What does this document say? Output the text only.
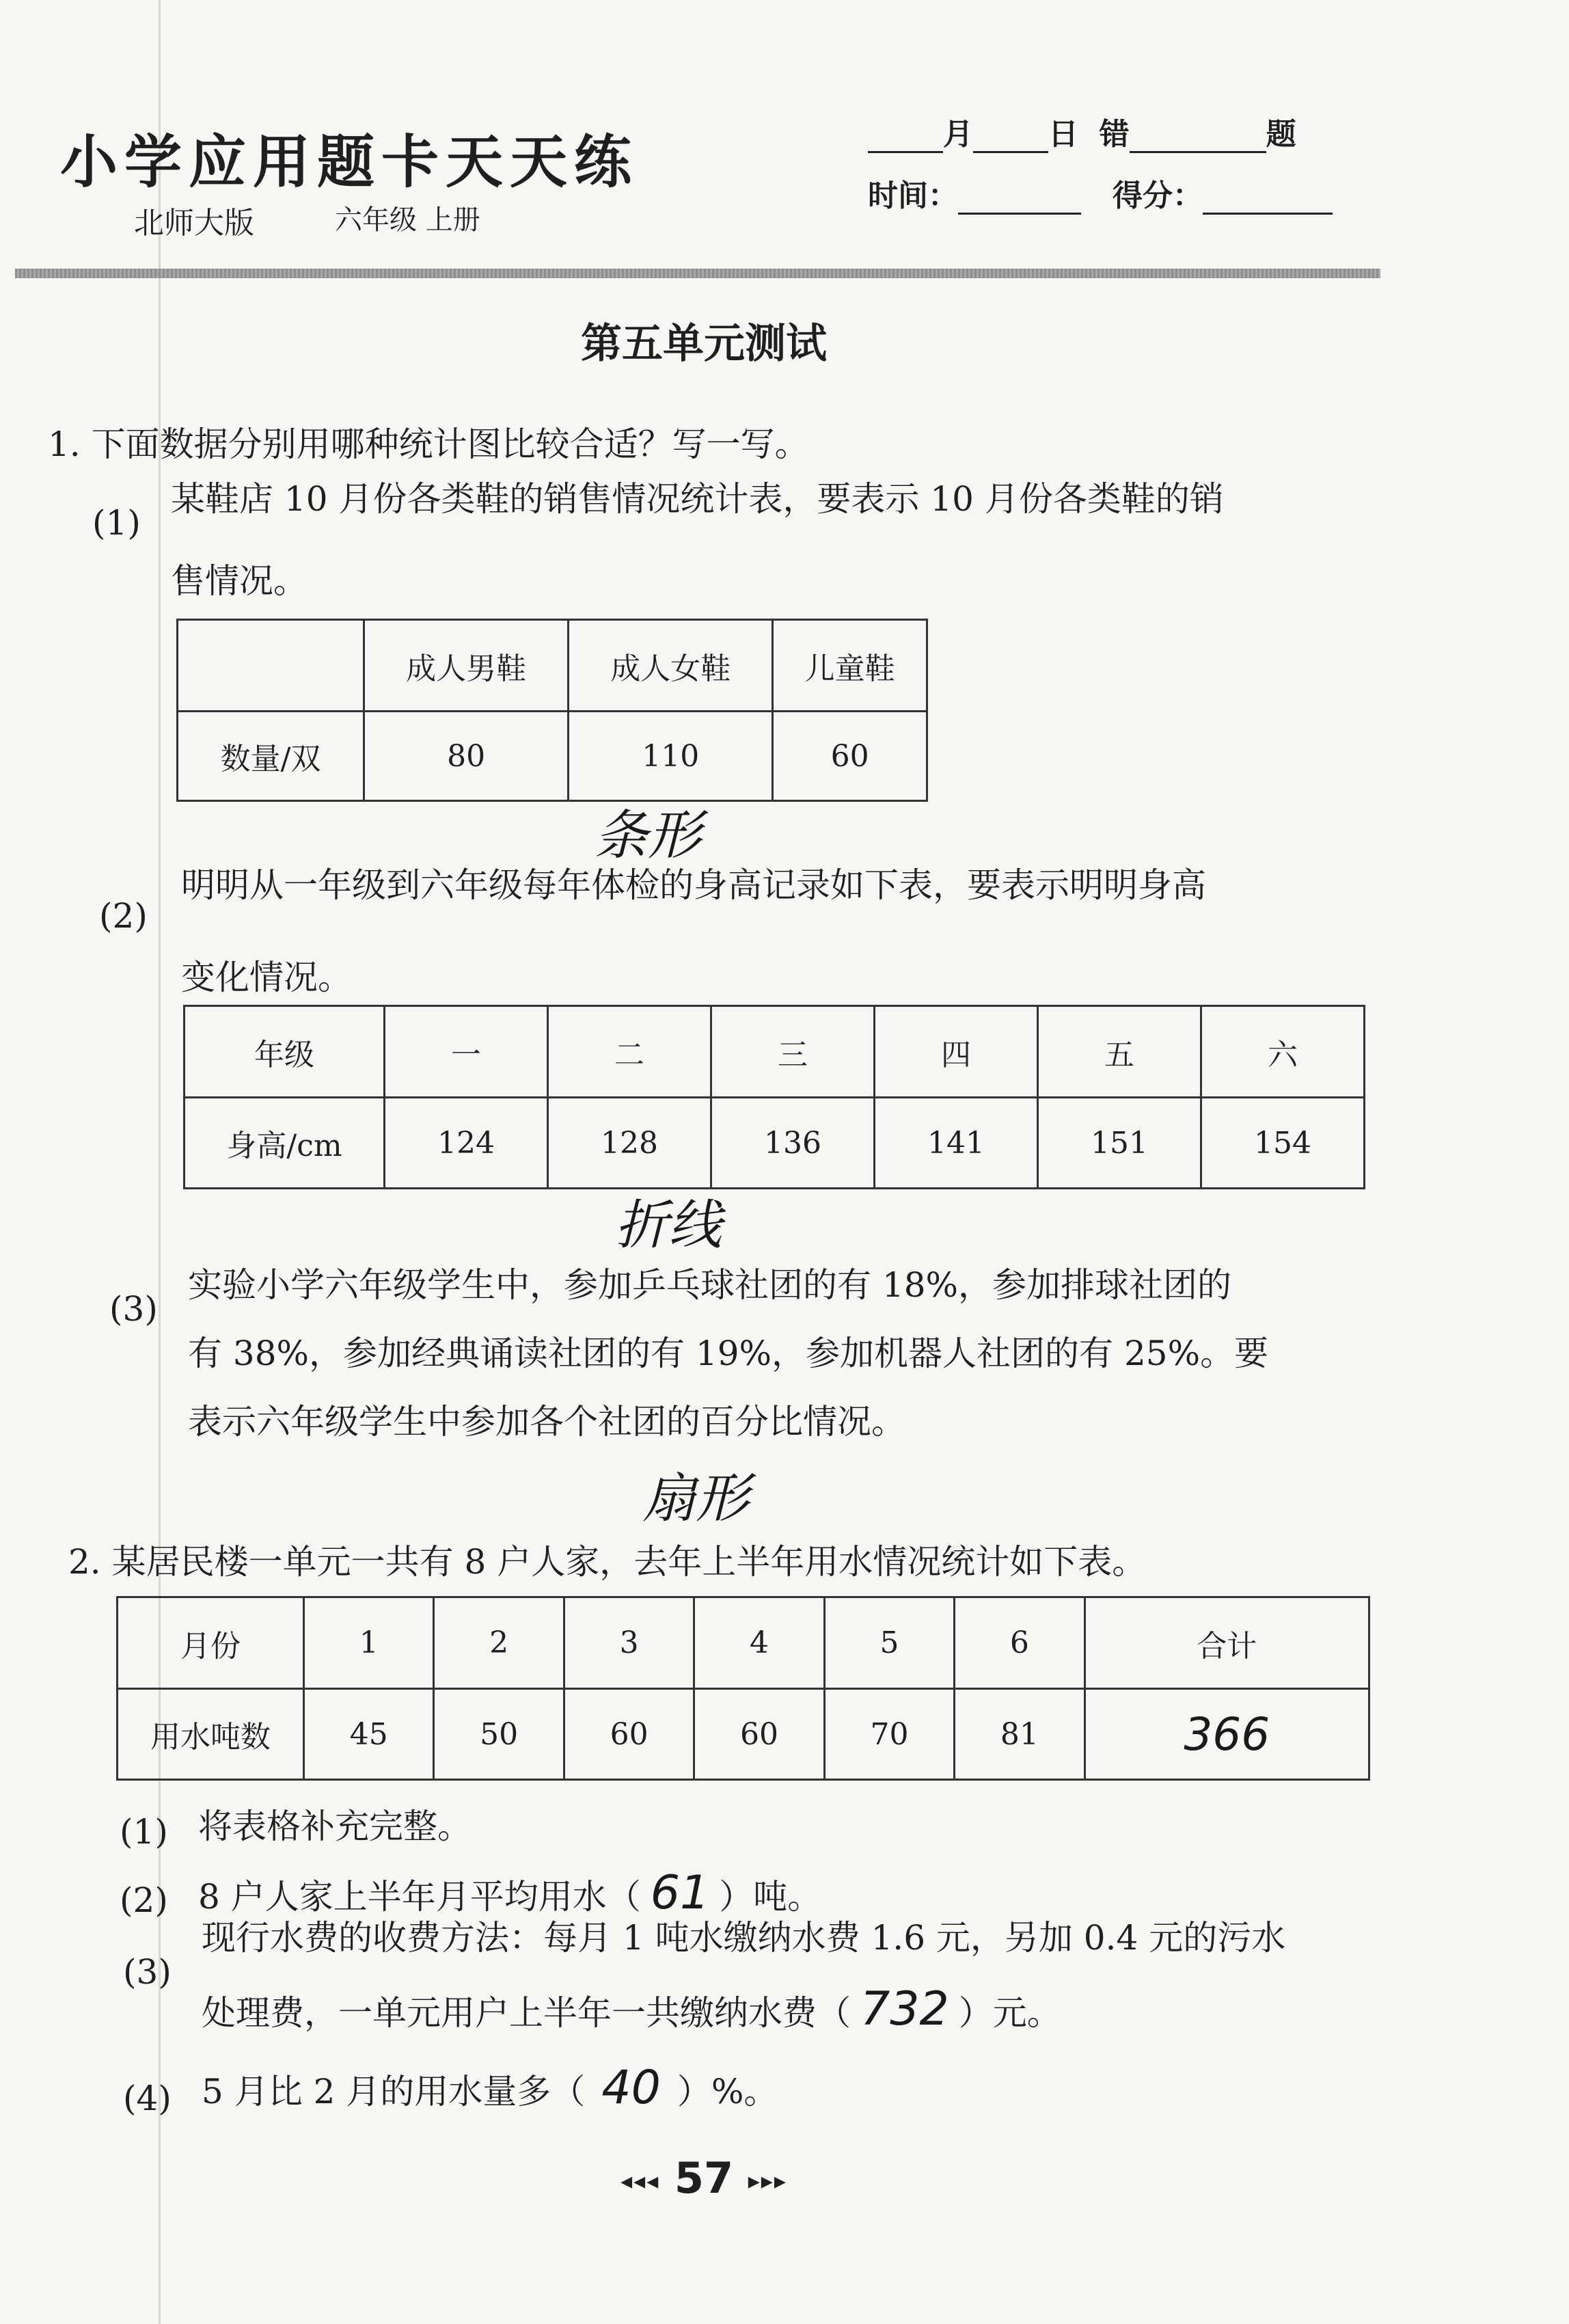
小学应用题卡天天练
北师大版	六年级 上册
月	日 错	题
时间：	得分：
第五单元测试
1. 下面数据分别用哪种统计图比较合适？写一写。
(1)
某鞋店 10 月份各类鞋的销售情况统计表，要表示 10 月份各类鞋的销
售情况。
	成人男鞋	成人女鞋	儿童鞋
数量/双	80	110	60
条形
(2)
明明从一年级到六年级每年体检的身高记录如下表，要表示明明身高
变化情况。
年级	一	二	三	四	五	六
身高/cm	124	128	136	141	151	154
折线
(3)
实验小学六年级学生中，参加乒乓球社团的有 18%，参加排球社团的
有 38%，参加经典诵读社团的有 19%，参加机器人社团的有 25%。要
表示六年级学生中参加各个社团的百分比情况。
扇形
2. 某居民楼一单元一共有 8 户人家，去年上半年用水情况统计如下表。
月份	1	2	3	4	5	6	合计
用水吨数	45	50	60	60	70	81	366
(1) 将表格补充完整。
(2) 8 户人家上半年月平均用水（ 61 ）吨。
(3)
现行水费的收费方法：每月 1 吨水缴纳水费 1.6 元，另加 0.4 元的污水
处理费，一单元用户上半年一共缴纳水费（ 732 ）元。
(4) 5 月比 2 月的用水量多（ 40 ）%。
◂◂◂ 57 ▸▸▸
